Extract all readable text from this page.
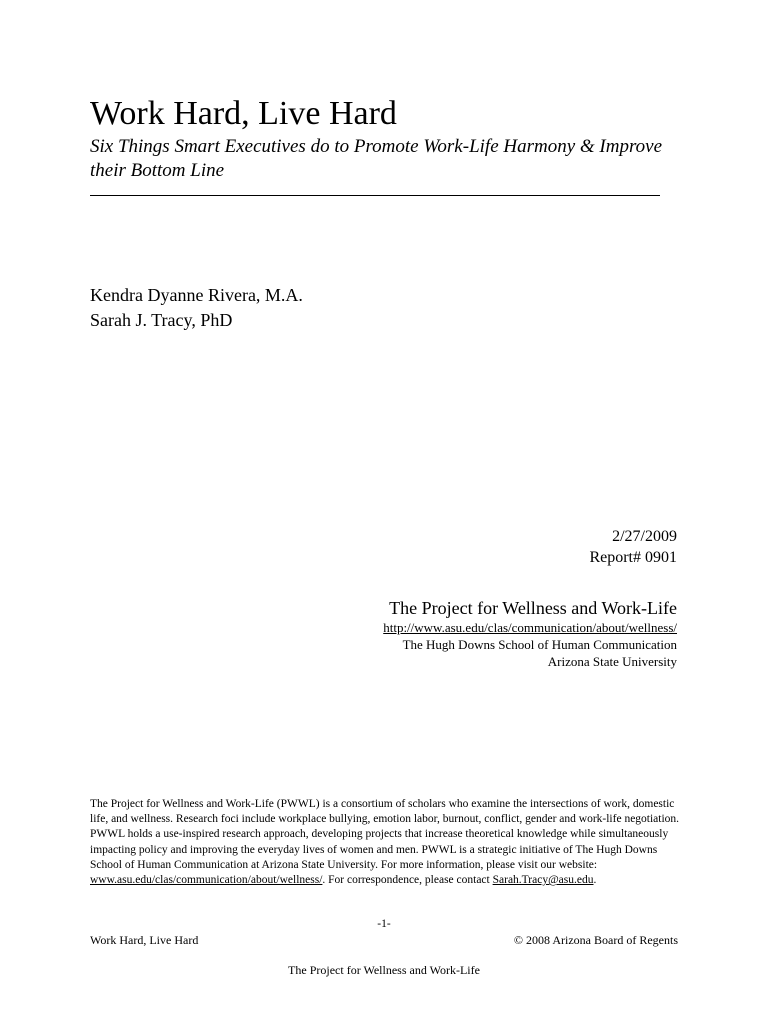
Work Hard, Live Hard
Six Things Smart Executives do to Promote Work-Life Harmony & Improve their Bottom Line
Kendra Dyanne Rivera, M.A.
Sarah J. Tracy, PhD
2/27/2009
Report# 0901
The Project for Wellness and Work-Life
http://www.asu.edu/clas/communication/about/wellness/
The Hugh Downs School of Human Communication
Arizona State University
The Project for Wellness and Work-Life (PWWL) is a consortium of scholars who examine the intersections of work, domestic life, and wellness. Research foci include workplace bullying, emotion labor, burnout, conflict, gender and work-life negotiation. PWWL holds a use-inspired research approach, developing projects that increase theoretical knowledge while simultaneously impacting policy and improving the everyday lives of women and men. PWWL is a strategic initiative of The Hugh Downs School of Human Communication at Arizona State University. For more information, please visit our website: www.asu.edu/clas/communication/about/wellness/. For correspondence, please contact Sarah.Tracy@asu.edu.
-1-
Work Hard, Live Hard	© 2008 Arizona Board of Regents
The Project for Wellness and Work-Life
